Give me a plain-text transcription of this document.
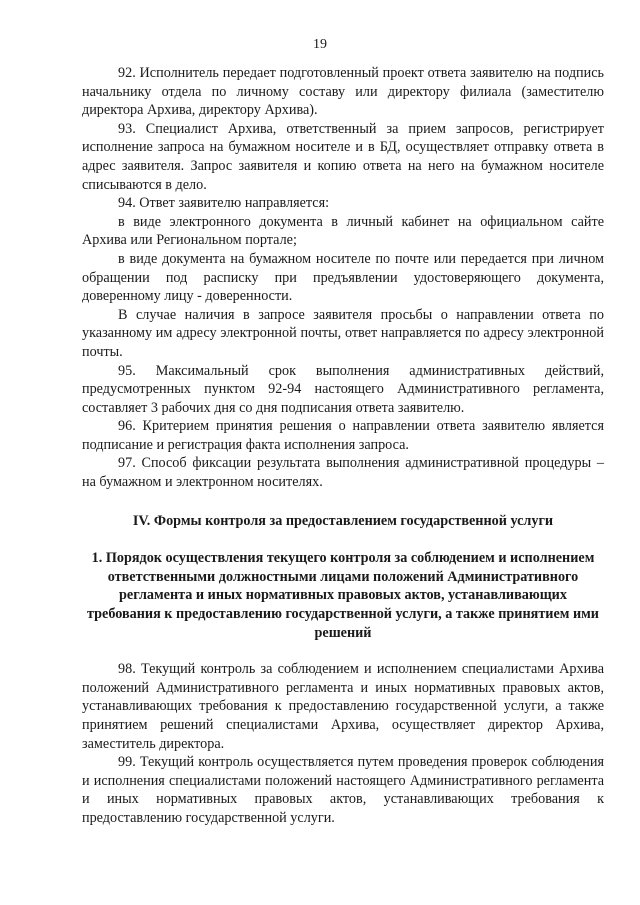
19

92. Исполнитель передает подготовленный проект ответа заявителю на подпись начальнику отдела по личному составу или директору филиала (заместителю директора Архива, директору Архива).

93. Специалист Архива, ответственный за прием запросов, регистрирует исполнение запроса на бумажном носителе и в БД, осуществляет отправку ответа в адрес заявителя. Запрос заявителя и копию ответа на него на бумажном носителе списываются в дело.

94. Ответ заявителю направляется:

в виде электронного документа в личный кабинет на официальном сайте Архива или Региональном портале;

в виде документа на бумажном носителе по почте или передается при личном обращении под расписку при предъявлении удостоверяющего документа, доверенному лицу - доверенности.

В случае наличия в запросе заявителя просьбы о направлении ответа по указанному им адресу электронной почты, ответ направляется по адресу электронной почты.

95. Максимальный срок выполнения административных действий, предусмотренных пунктом 92-94 настоящего Административного регламента, составляет 3 рабочих дня со дня подписания ответа заявителю.

96. Критерием принятия решения о направлении ответа заявителю является подписание и регистрация факта исполнения запроса.

97. Способ фиксации результата выполнения административной процедуры – на бумажном и электронном носителях.

IV. Формы контроля за предоставлением государственной услуги

1. Порядок осуществления текущего контроля за соблюдением и исполнением ответственными должностными лицами положений Административного регламента и иных нормативных правовых актов, устанавливающих требования к предоставлению государственной услуги, а также принятием ими решений

98. Текущий контроль за соблюдением и исполнением специалистами Архива положений Административного регламента и иных нормативных правовых актов, устанавливающих требования к предоставлению государственной услуги, а также принятием решений специалистами Архива, осуществляет директор Архива, заместитель директора.

99. Текущий контроль осуществляется путем проведения проверок соблюдения и исполнения специалистами положений настоящего Административного регламента и иных нормативных правовых актов, устанавливающих требования к предоставлению государственной услуги.
